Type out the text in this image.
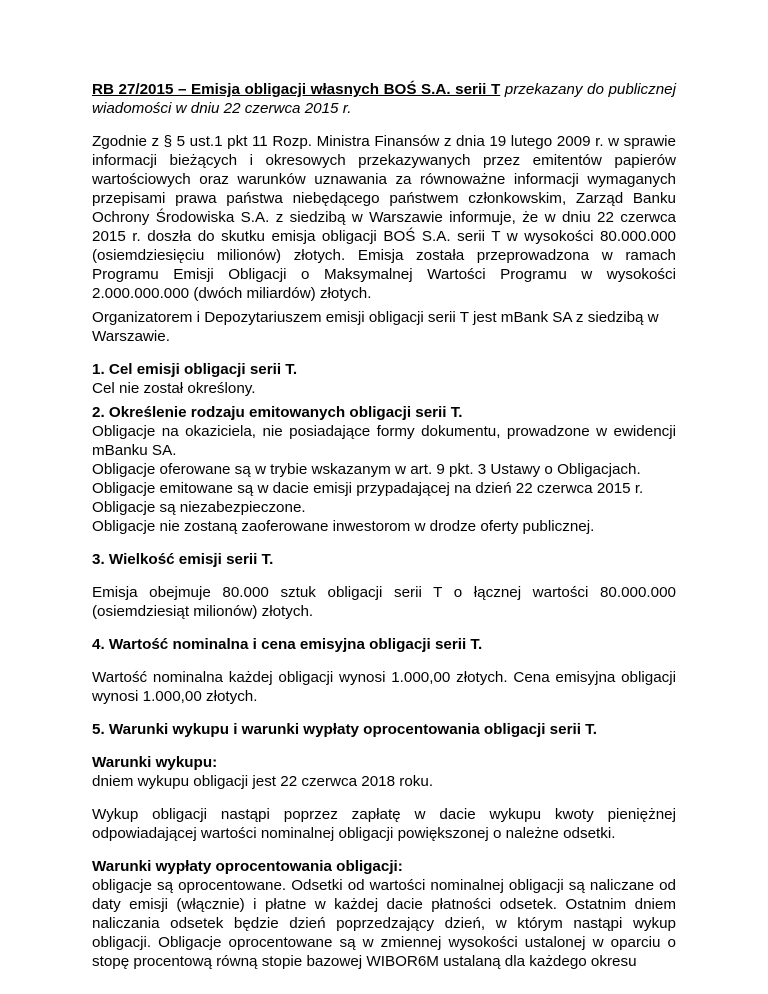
RB 27/2015 – Emisja obligacji własnych BOŚ S.A. serii T przekazany do publicznej wiadomości w dniu 22 czerwca 2015 r.

Zgodnie z § 5 ust.1 pkt 11 Rozp. Ministra Finansów z dnia 19 lutego 2009 r. w sprawie informacji bieżących i okresowych przekazywanych przez emitentów papierów wartościowych oraz warunków uznawania za równoważne informacji wymaganych przepisami prawa państwa niebędącego państwem członkowskim, Zarząd Banku Ochrony Środowiska S.A. z siedzibą w Warszawie informuje, że w dniu 22 czerwca 2015 r. doszła do skutku emisja obligacji BOŚ S.A. serii T w wysokości 80.000.000 (osiemdziesięciu milionów) złotych. Emisja została przeprowadzona w ramach Programu Emisji Obligacji o Maksymalnej Wartości Programu w wysokości 2.000.000.000 (dwóch miliardów) złotych.

Organizatorem i Depozytariuszem emisji obligacji serii T jest mBank SA z siedzibą w Warszawie.

1. Cel emisji obligacji serii T.

Cel nie został określony.

2. Określenie rodzaju emitowanych obligacji serii T.

Obligacje na okaziciela, nie posiadające formy dokumentu, prowadzone w ewidencji mBanku SA.

Obligacje oferowane są w trybie wskazanym w art. 9 pkt. 3 Ustawy o Obligacjach.

Obligacje emitowane są w dacie emisji przypadającej na dzień 22 czerwca 2015 r.

Obligacje są niezabezpieczone.

Obligacje nie zostaną zaoferowane inwestorom w drodze oferty publicznej.

3. Wielkość emisji serii T.

Emisja obejmuje 80.000 sztuk obligacji serii T o łącznej wartości 80.000.000 (osiemdziesiąt milionów) złotych.

4. Wartość nominalna i cena emisyjna obligacji serii T.

Wartość nominalna każdej obligacji wynosi 1.000,00 złotych. Cena emisyjna obligacji wynosi 1.000,00 złotych.

5. Warunki wykupu i warunki wypłaty oprocentowania obligacji serii T.

Warunki wykupu:

dniem wykupu obligacji jest 22 czerwca 2018 roku.

Wykup obligacji nastąpi poprzez zapłatę w dacie wykupu kwoty pieniężnej odpowiadającej wartości nominalnej obligacji powiększonej o należne odsetki.

Warunki wypłaty oprocentowania obligacji:

obligacje są oprocentowane. Odsetki od wartości nominalnej obligacji są naliczane od daty emisji (włącznie) i płatne w każdej dacie płatności odsetek. Ostatnim dniem naliczania odsetek będzie dzień poprzedzający dzień, w którym nastąpi wykup obligacji. Obligacje oprocentowane są w zmiennej wysokości ustalonej w oparciu o stopę procentową równą stopie bazowej WIBOR6M ustalaną dla każdego okresu
